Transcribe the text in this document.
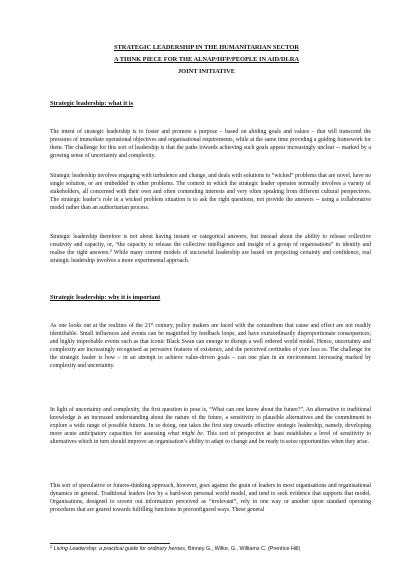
STRATEGIC LEADERSHIP IN THE HUMANITARIAN SECTOR
A THINK PIECE FOR THE ALNAP/HFP/PEOPLE IN AID/DLRA
JOINT INITIATIVE
Strategic leadership: what it is

The intent of strategic leadership is to foster and promote a purpose – based on abiding goals and values – that will transcend the pressures of immediate operational objectives and organisational requirements, while at the same time providing a guiding framework for them. The challenge for this sort of leadership is that the paths towards achieving such goals appear increasingly unclear -- marked by a growing sense of uncertainty and complexity.

Strategic leadership involves engaging with turbulence and change, and deals with solutions to “wicked” problems that are novel, have no single solution, or are embedded in other problems. The context in which the strategic leader operates normally involves a variety of stakeholders, all concerned with their own and often contending interests and very often speaking from different cultural perspectives. The strategic leader’s role in a wicked problem situation is to ask the right questions, not provide the answers -- using a collaborative model rather than an authoritarian process.

Strategic leadership therefore is not about having instant or categorical answers, but instead about the ability to release collective creativity and capacity, or, “the capacity to release the collective intelligence and insight of a group of organisations” to identify and realise the right answers.$^2$ While many current models of successful leadership are based on projecting certainty and confidence, real strategic leadership involves a more experimental approach.

Strategic leadership: why it is important

As one looks out at the realities of the 21st century, policy makers are faced with the conundrum that cause and effect are not readily identifiable. Small influences and events can be magnified by feedback loops, and have extraordinarily disproportionate consequences; and highly improbable events such as that iconic Black Swan can emerge to disrupt a well ordered world model. Hence, uncertainty and complexity are increasingly recognised as pervasive features of existence, and the perceived certitudes of yore less so. The challenge for the strategic leader is how – in an attempt to achieve value-driven goals – can one plan in an environment increasing marked by complexity and uncertainty.

In light of uncertainty and complexity, the first question to pose is, “What can one know about the future?”. An alternative to traditional knowledge is an increased understanding about the nature of the future, a sensitivity to plausible alternatives and the commitment to explore a wide range of possible futures. In so doing, one takes the first step towards effective strategic leadership, namely, developing more acute anticipatory capacities for assessing what might be. This sort of perspective at least establishes a level of sensitivity to alternatives which in turn should improve an organisation’s ability to adapt to change and be ready to seize opportunities when they arise.

This sort of speculative or futures-thinking approach, however, goes against the grain of leaders in most organisations and organisational dynamics in general. Traditional leaders live by a hard-won personal world model, and tend to seek evidence that supports that model. Organisations, designed to screen out information perceived as “irrelevant”, rely in one way or another upon standard operating procedures that are geared towards fulfilling functions in preconfigured ways. These general

$^2$ Living Leadership: a practical guide for ordinary heroes, Binney G., Wilke, G., Williams C. (Prentice Hill)
